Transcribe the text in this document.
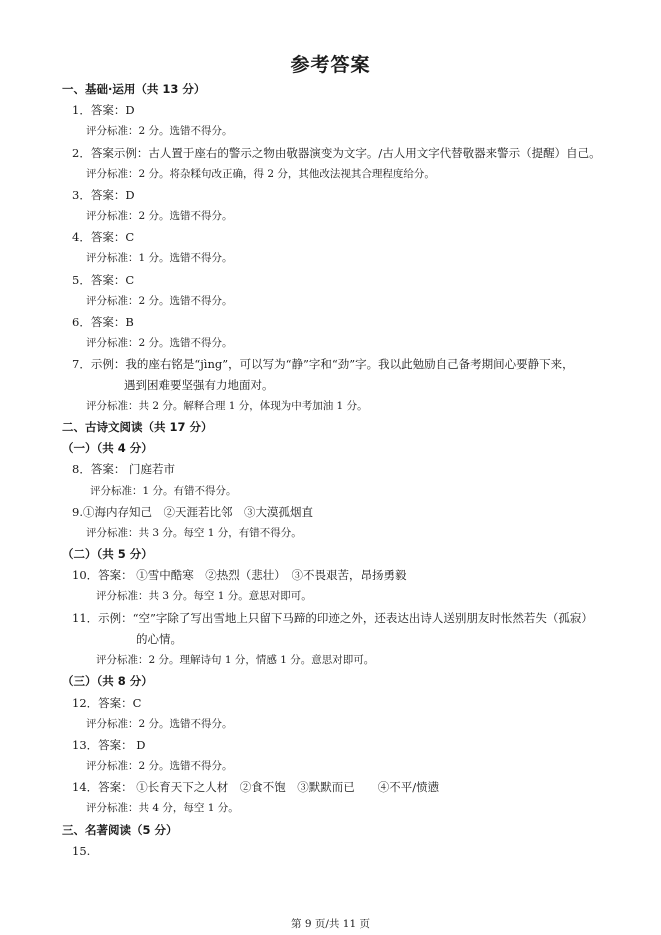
参考答案
一、基础·运用（共 13 分）
1．答案：D
评分标准：2 分。选错不得分。
2．答案示例：古人置于座右的警示之物由敬器演变为文字。/古人用文字代替敬器来警示（提醒）自己。
评分标准：2 分。将杂糅句改正确，得 2 分，其他改法视其合理程度给分。
3．答案：D
评分标准：2 分。选错不得分。
4．答案：C
评分标准：1 分。选错不得分。
5．答案：C
评分标准：2 分。选错不得分。
6．答案：B
评分标准：2 分。选错不得分。
7．示例：我的座右铭是“jìng”，可以写为“静”字和“劲”字。我以此勉励自己备考期间心要静下来，
遇到困难要坚强有力地面对。
评分标准：共 2 分。解释合理 1 分，体现为中考加油 1 分。
二、古诗文阅读（共 17 分）
（一）（共 4 分）
8．答案： 门庭若市
评分标准：1 分。有错不得分。
9.①海内存知己　②天涯若比邻　③大漠孤烟直
评分标准：共 3 分。每空 1 分，有错不得分。
（二）（共 5 分）
10．答案： ①雪中酷寒　②热烈（悲壮）　③不畏艰苦，昂扬勇毅
评分标准：共 3 分。每空 1 分。意思对即可。
11．示例：“空”字除了写出雪地上只留下马蹄的印迹之外，还表达出诗人送别朋友时怅然若失（孤寂）
的心情。
评分标准：2 分。理解诗句 1 分，情感 1 分。意思对即可。
（三）（共 8 分）
12．答案：C
评分标准：2 分。选错不得分。
13．答案： D
评分标准：2 分。选错不得分。
14．答案： ①长育天下之人材　②食不饱　③默默而已　　④不平/愤懑
评分标准：共 4 分，每空 1 分。
三、名著阅读（5 分）
15.
第 9 页/共 11 页
